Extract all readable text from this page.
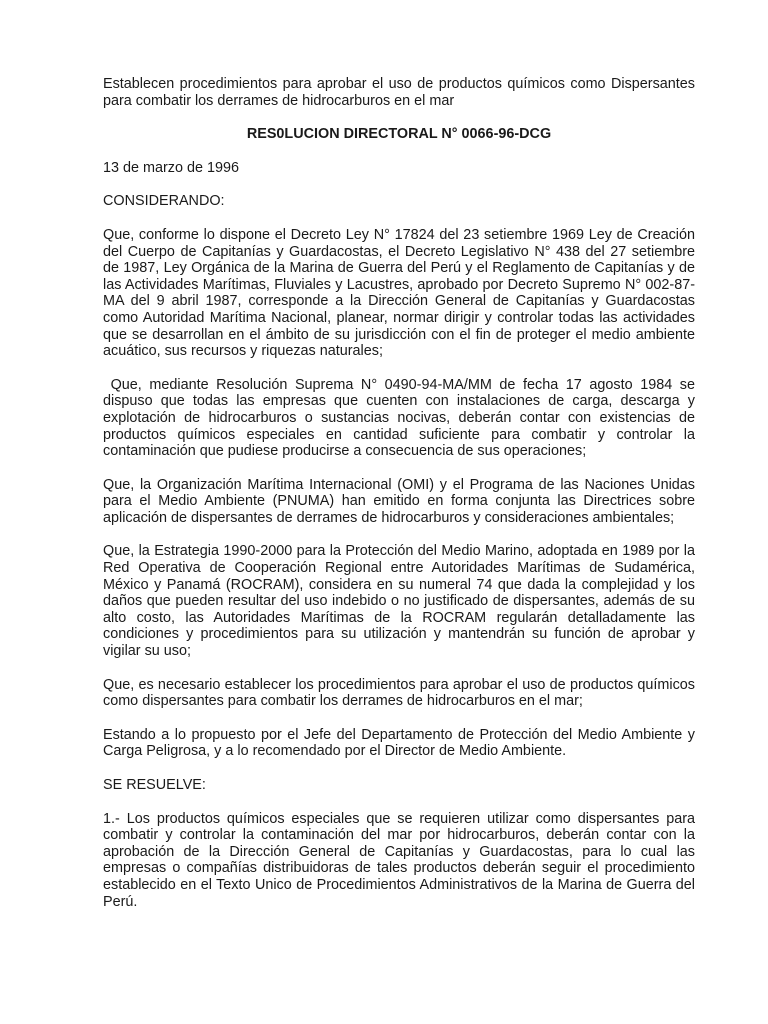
Establecen procedimientos para aprobar el uso de productos químicos como Dispersantes para combatir los derrames de hidrocarburos en el mar

RES0LUCION DIRECTORAL N° 0066-96-DCG

13 de marzo de 1996

CONSIDERANDO:

Que, conforme lo dispone el Decreto Ley N° 17824 del 23 setiembre 1969 Ley de Creación del Cuerpo de Capitanías y Guardacostas, el Decreto Legislativo N° 438 del 27 setiembre de 1987, Ley Orgánica de la Marina de Guerra del Perú y el Reglamento de Capitanías y de las Actividades Marítimas, Fluviales y Lacustres, aprobado por Decreto Supremo N° 002-87-MA del 9 abril 1987, corresponde a la Dirección General de Capitanías y Guardacostas como Autoridad Marítima Nacional, planear, normar dirigir y controlar todas las actividades que se desarrollan en el ámbito de su jurisdicción con el fin de proteger el medio ambiente acuático, sus recursos y riquezas naturales;

Que, mediante Resolución Suprema N° 0490-94-MA/MM de fecha 17 agosto 1984 se dispuso que todas las empresas que cuenten con instalaciones de carga, descarga y explotación de hidrocarburos o sustancias nocivas, deberán contar con existencias de productos químicos especiales en cantidad suficiente para combatir y controlar la contaminación que pudiese producirse a consecuencia de sus operaciones;

Que, la Organización Marítima Internacional (OMI) y el Programa de las Naciones Unidas para el Medio Ambiente (PNUMA) han emitido en forma conjunta las Directrices sobre aplicación de dispersantes de derrames de hidrocarburos y consideraciones ambientales;

Que, la Estrategia 1990-2000 para la Protección del Medio Marino, adoptada en 1989 por la Red Operativa de Cooperación Regional entre Autoridades Marítimas de Sudamérica, México y Panamá (ROCRAM), considera en su numeral 74 que dada la complejidad y los daños que pueden resultar del uso indebido o no justificado de dispersantes, además de su alto costo, las Autoridades Marítimas de la ROCRAM regularán detalladamente las condiciones y procedimientos para su utilización y mantendrán su función de aprobar y vigilar su uso;

Que, es necesario establecer los procedimientos para aprobar el uso de productos químicos como dispersantes para combatir los derrames de hidrocarburos en el mar;

Estando a lo propuesto por el Jefe del Departamento de Protección del Medio Ambiente y Carga Peligrosa, y a lo recomendado por el Director de Medio Ambiente.

SE RESUELVE:

1.- Los productos químicos especiales que se requieren utilizar como dispersantes para combatir y controlar la contaminación del mar por hidrocarburos, deberán contar con la aprobación de la Dirección General de Capitanías y Guardacostas, para lo cual las empresas o compañías distribuidoras de tales productos deberán seguir el procedimiento establecido en el Texto Unico de Procedimientos Administrativos de la Marina de Guerra del Perú.
